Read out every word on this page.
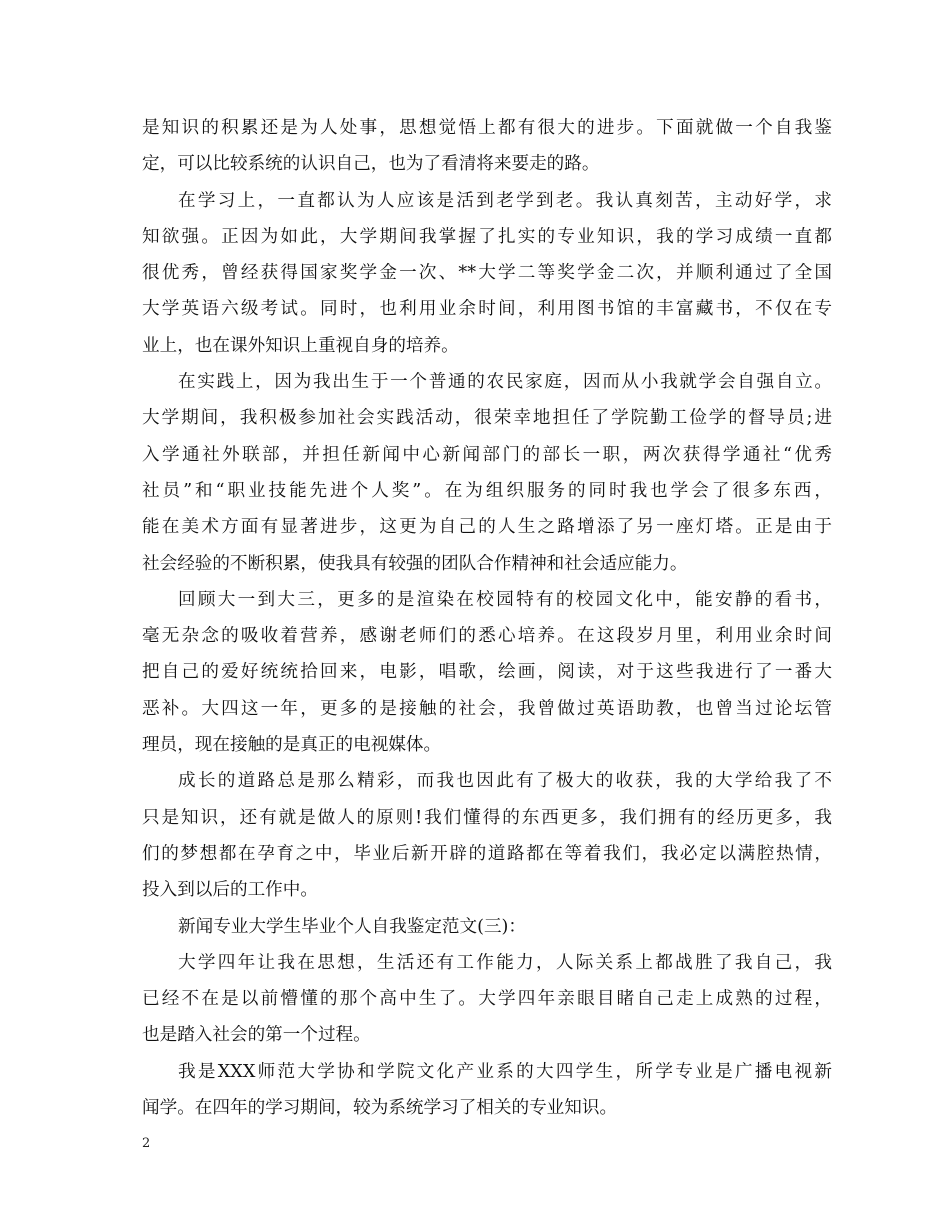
是知识的积累还是为人处事，思想觉悟上都有很大的进步。下面就做一个自我鉴
定，可以比较系统的认识自己，也为了看清将来要走的路。
在学习上，一直都认为人应该是活到老学到老。我认真刻苦，主动好学，求
知欲强。正因为如此，大学期间我掌握了扎实的专业知识，我的学习成绩一直都
很优秀，曾经获得国家奖学金一次、**大学二等奖学金二次，并顺利通过了全国
大学英语六级考试。同时，也利用业余时间，利用图书馆的丰富藏书，不仅在专
业上，也在课外知识上重视自身的培养。
在实践上，因为我出生于一个普通的农民家庭，因而从小我就学会自强自立。
大学期间，我积极参加社会实践活动，很荣幸地担任了学院勤工俭学的督导员;进
入学通社外联部，并担任新闻中心新闻部门的部长一职，两次获得学通社“优秀
社员”和“职业技能先进个人奖”。在为组织服务的同时我也学会了很多东西，
能在美术方面有显著进步，这更为自己的人生之路增添了另一座灯塔。正是由于
社会经验的不断积累，使我具有较强的团队合作精神和社会适应能力。
回顾大一到大三，更多的是渲染在校园特有的校园文化中，能安静的看书，
毫无杂念的吸收着营养，感谢老师们的悉心培养。在这段岁月里，利用业余时间
把自己的爱好统统拾回来，电影，唱歌，绘画，阅读，对于这些我进行了一番大
恶补。大四这一年，更多的是接触的社会，我曾做过英语助教，也曾当过论坛管
理员，现在接触的是真正的电视媒体。
成长的道路总是那么精彩，而我也因此有了极大的收获，我的大学给我了不
只是知识，还有就是做人的原则!我们懂得的东西更多，我们拥有的经历更多，我
们的梦想都在孕育之中，毕业后新开辟的道路都在等着我们，我必定以满腔热情，
投入到以后的工作中。
新闻专业大学生毕业个人自我鉴定范文(三)：
大学四年让我在思想，生活还有工作能力，人际关系上都战胜了我自己，我
已经不在是以前懵懂的那个高中生了。大学四年亲眼目睹自己走上成熟的过程，
也是踏入社会的第一个过程。
我是XXX师范大学协和学院文化产业系的大四学生，所学专业是广播电视新
闻学。在四年的学习期间，较为系统学习了相关的专业知识。
2
